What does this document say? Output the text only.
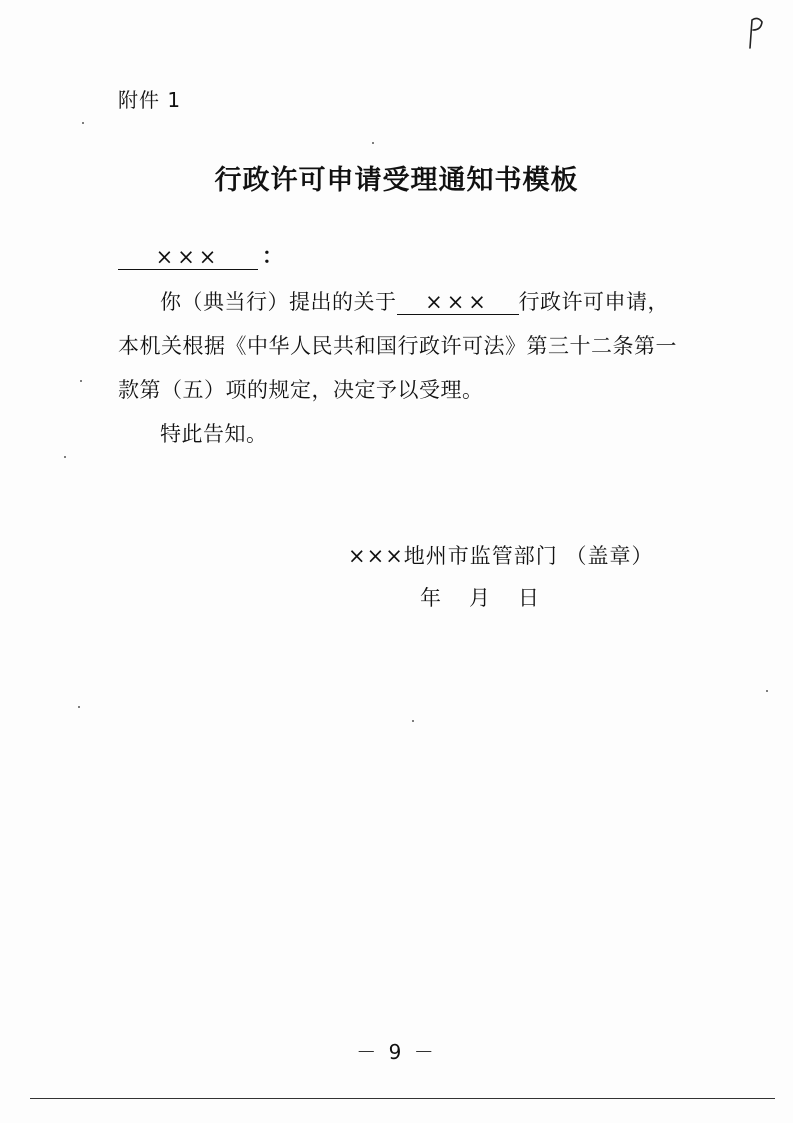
附件 1
行政许可申请受理通知书模板
×××	：
你（典当行）提出的关于 ××× 行政许可申请，
本机关根据《中华人民共和国行政许可法》第三十二条第一
款第（五）项的规定，决定予以受理。
特此告知。
×××地州市监管部门 （盖章）
年 月 日
－ 9 －
